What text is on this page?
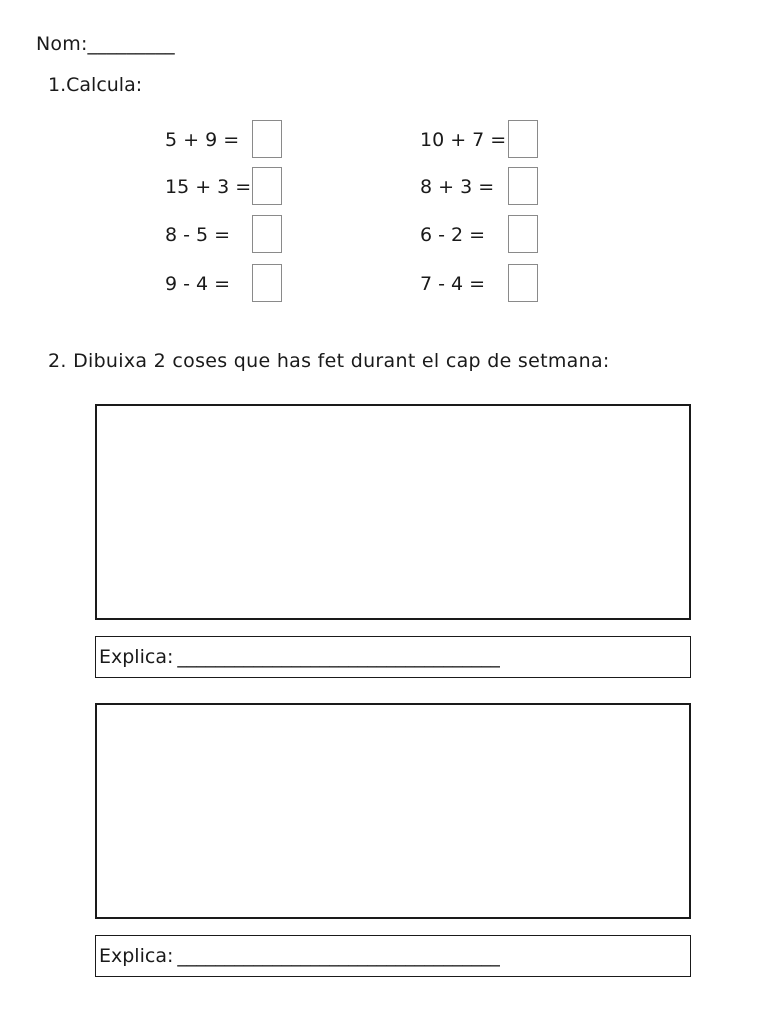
Nom:_________
1.Calcula:
5 + 9 =	10 + 7 =
15 + 3 =	8 + 3 =
8 - 5 =	6 - 2 =
9 - 4 =	7 - 4 =
2. Dibuixa 2 coses que has fet durant el cap de setmana:
Explica: __________________________________
Explica: __________________________________
